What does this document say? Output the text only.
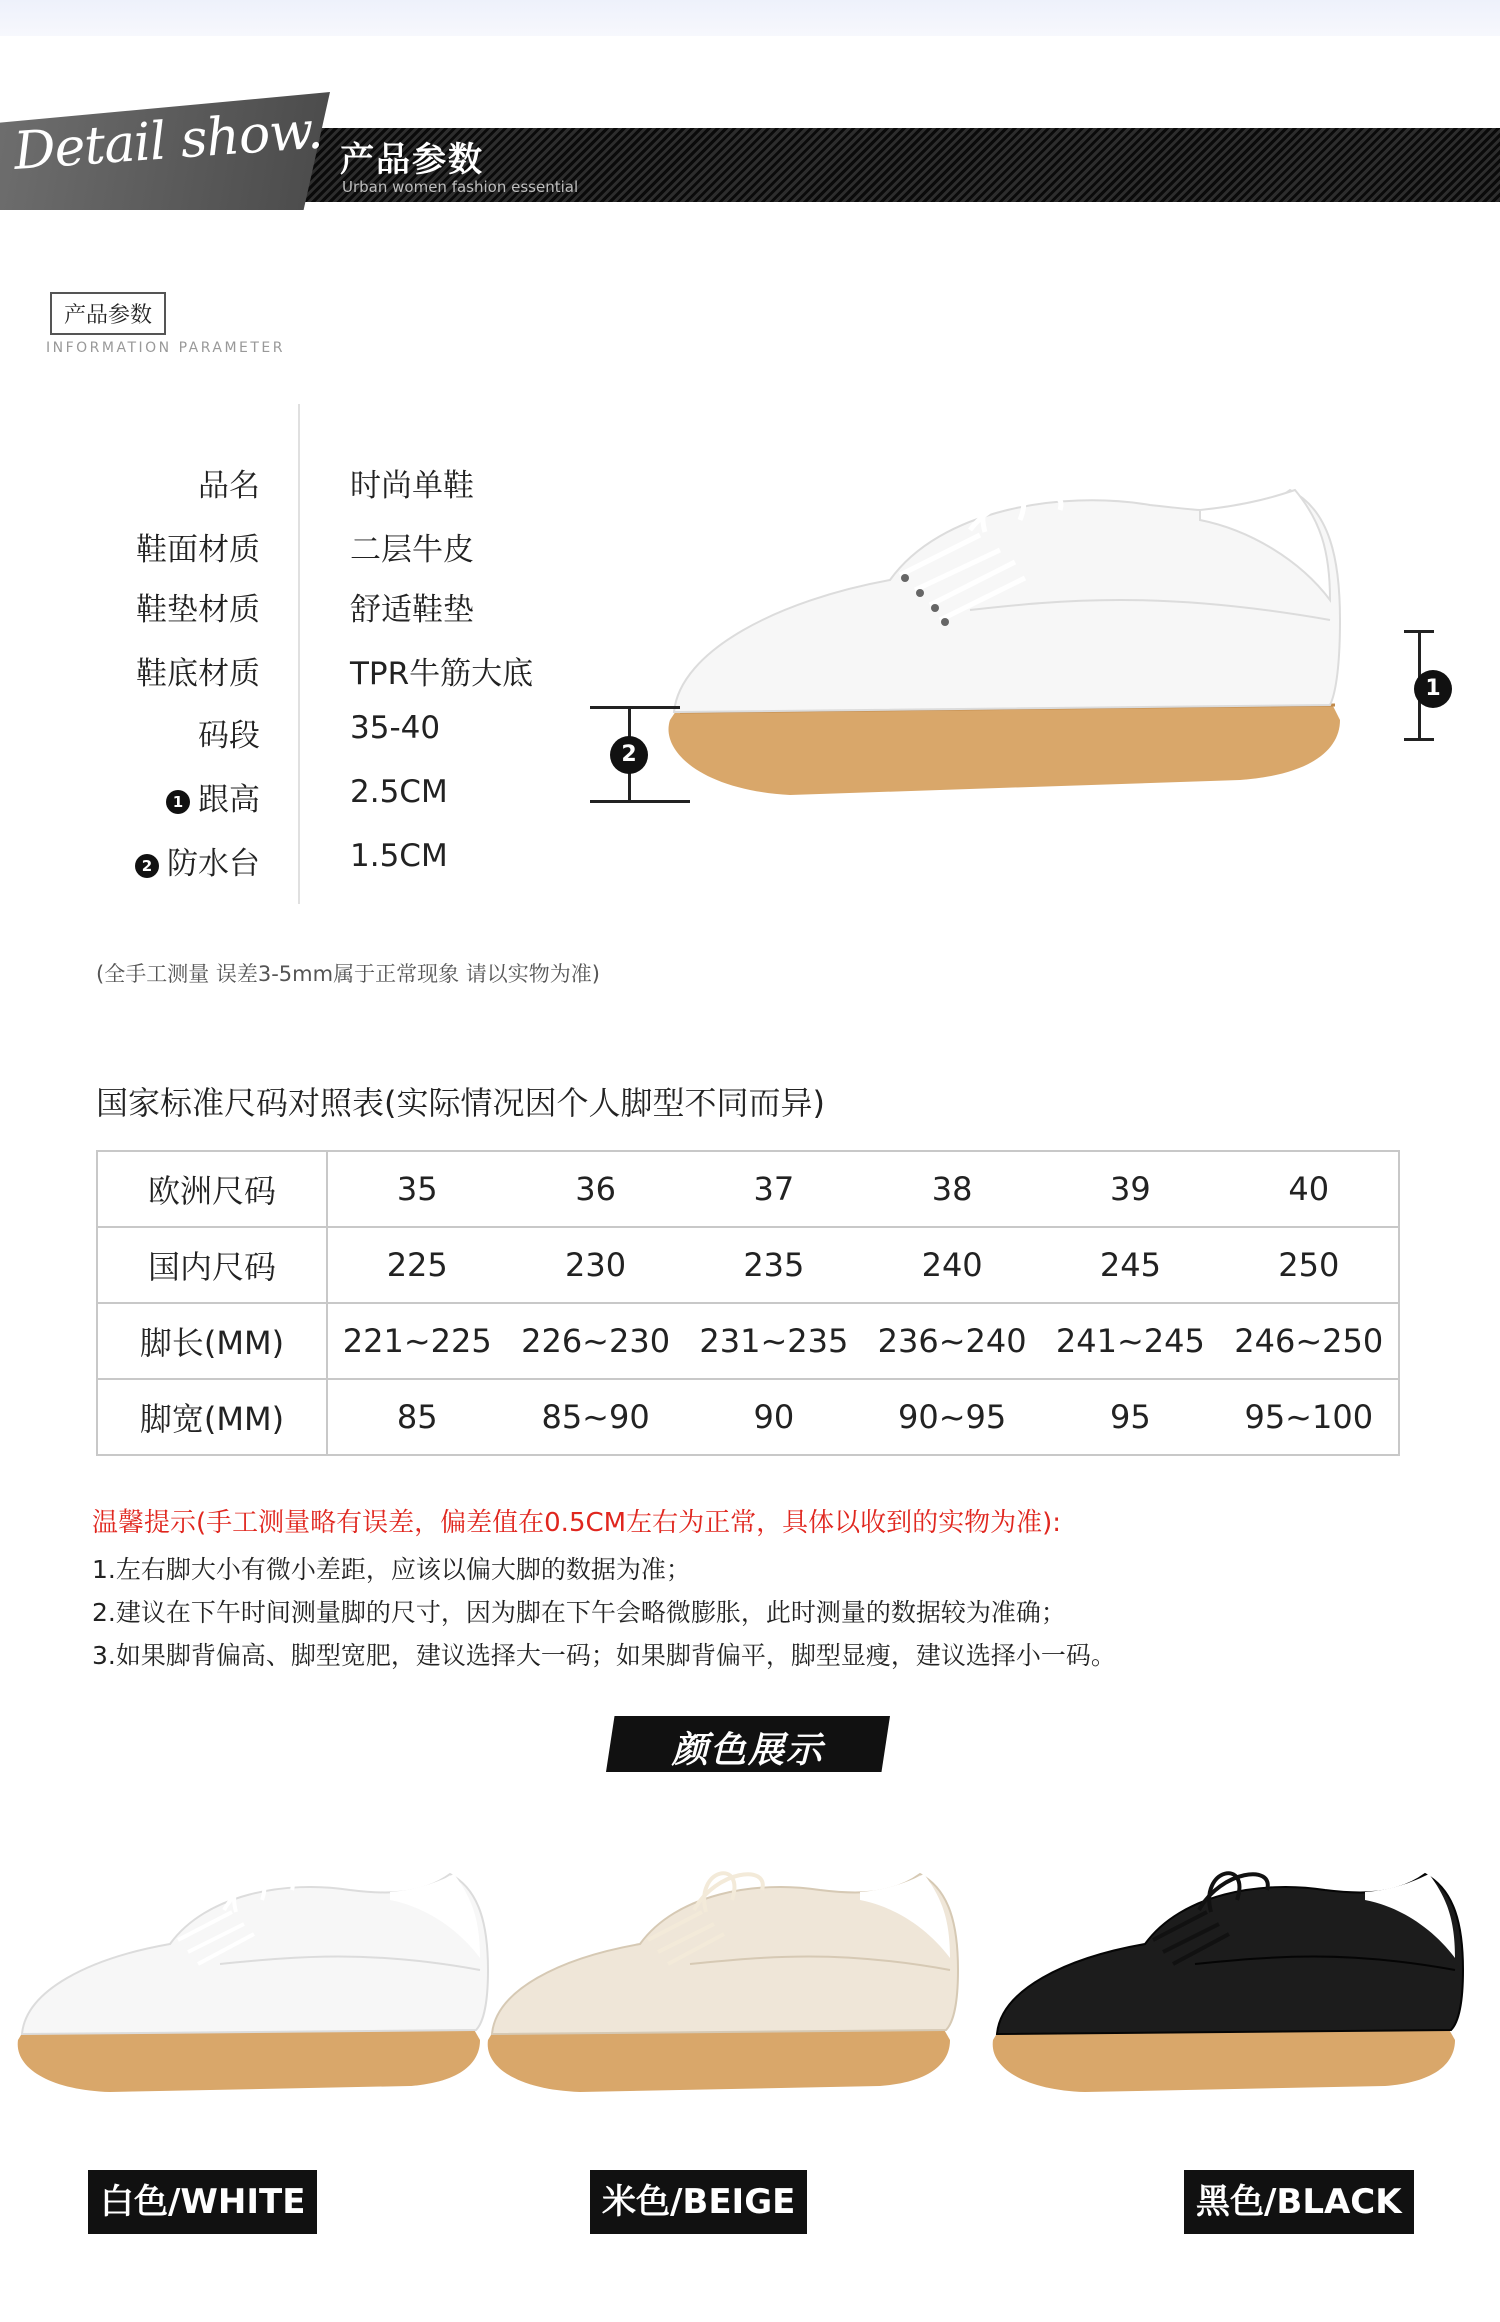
Detail show. 产品参数
Urban women fashion essential
产品参数
INFORMATION PARAMETER
品名	时尚单鞋
鞋面材质	二层牛皮
鞋垫材质	舒适鞋垫
鞋底材质	TPR牛筋大底
码段	35-40
1 跟高	2.5CM
2 防水台	1.5CM
1
2
(全手工测量 误差3-5mm属于正常现象 请以实物为准)
国家标准尺码对照表(实际情况因个人脚型不同而异)
欧洲尺码	35	36	37	38	39	40
国内尺码	225	230	235	240	245	250
脚长(MM)	221~225	226~230	231~235	236~240	241~245	246~250
脚宽(MM)	85	85~90	90	90~95	95	95~100
温馨提示(手工测量略有误差，偏差值在0.5CM左右为正常，具体以收到的实物为准):
1.左右脚大小有微小差距，应该以偏大脚的数据为准；
2.建议在下午时间测量脚的尺寸，因为脚在下午会略微膨胀，此时测量的数据较为准确；
3.如果脚背偏高、脚型宽肥，建议选择大一码；如果脚背偏平，脚型显瘦，建议选择小一码。
颜色展示
白色/WHITE	米色/BEIGE	黑色/BLACK
